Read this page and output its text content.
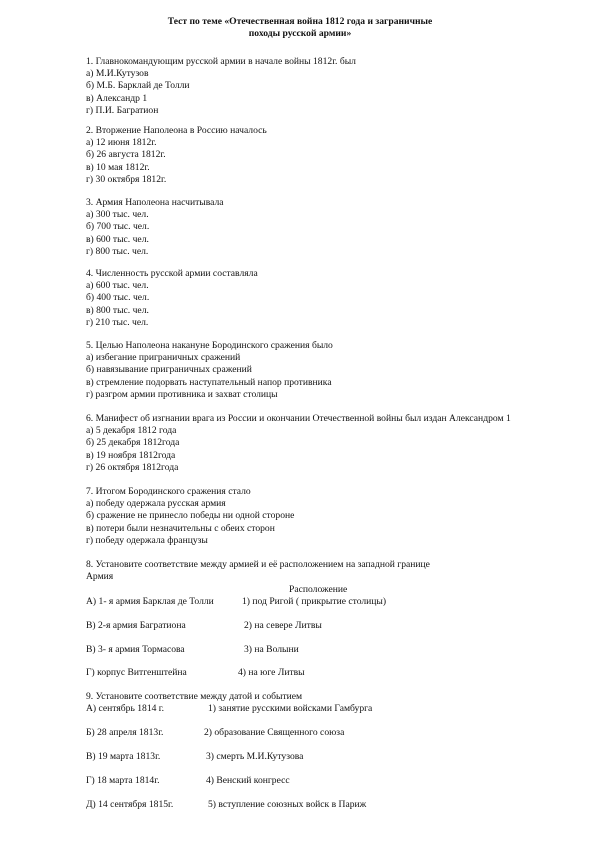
Тест по теме «Отечественная война 1812 года и заграничные
походы русской армии»
1. Главнокомандующим русской армии в начале войны 1812г. был
а) М.И.Кутузов
б) М.Б. Барклай де Толли
в) Александр 1
г) П.И. Багратион
2. Вторжение Наполеона в Россию началось
а) 12 июня 1812г.
б) 26 августа 1812г.
в) 10 мая 1812г.
г) 30 октября 1812г.
3. Армия Наполеона насчитывала
а) 300 тыс. чел.
б) 700 тыс. чел.
в) 600 тыс. чел.
г) 800 тыс. чел.
4. Численность русской армии составляла
а) 600 тыс. чел.
б) 400 тыс. чел.
в) 800 тыс. чел.
г) 210 тыс. чел.
5. Целью Наполеона накануне Бородинского сражения было
а) избегание приграничных сражений
б) навязывание приграничных сражений
в) стремление подорвать наступательный напор противника
г) разгром армии противника и захват столицы
6. Манифест об изгнании врага из России и окончании Отечественной войны был издан Александром 1
а) 5 декабря 1812 года
б) 25 декабря 1812года
в) 19 ноября 1812года
г) 26 октября 1812года
7. Итогом Бородинского сражения стало
а) победу одержала русская армия
б) сражение не принесло победы ни одной стороне
в) потери были незначительны с обеих сторон
г) победу одержала французы
8. Установите соответствие между армией и её расположением на западной границе
Армия
Расположение
А) 1- я армия Барклая де Толли	1) под Ригой ( прикрытие столицы)
В) 2-я армия Багратиона	2) на севере Литвы
В) 3- я армия Тормасова	3) на Волыни
Г) корпус Витгенштейна	4) на юге Литвы
9. Установите соответствие между датой и событием
А) сентябрь 1814 г.	1) занятие русскими войсками Гамбурга
Б) 28 апреля 1813г.	2) образование Священного союза
В) 19 марта 1813г.	3) смерть М.И.Кутузова
Г) 18 марта 1814г.	4) Венский конгресс
Д) 14 сентября 1815г.	5) вступление союзных войск в Париж
